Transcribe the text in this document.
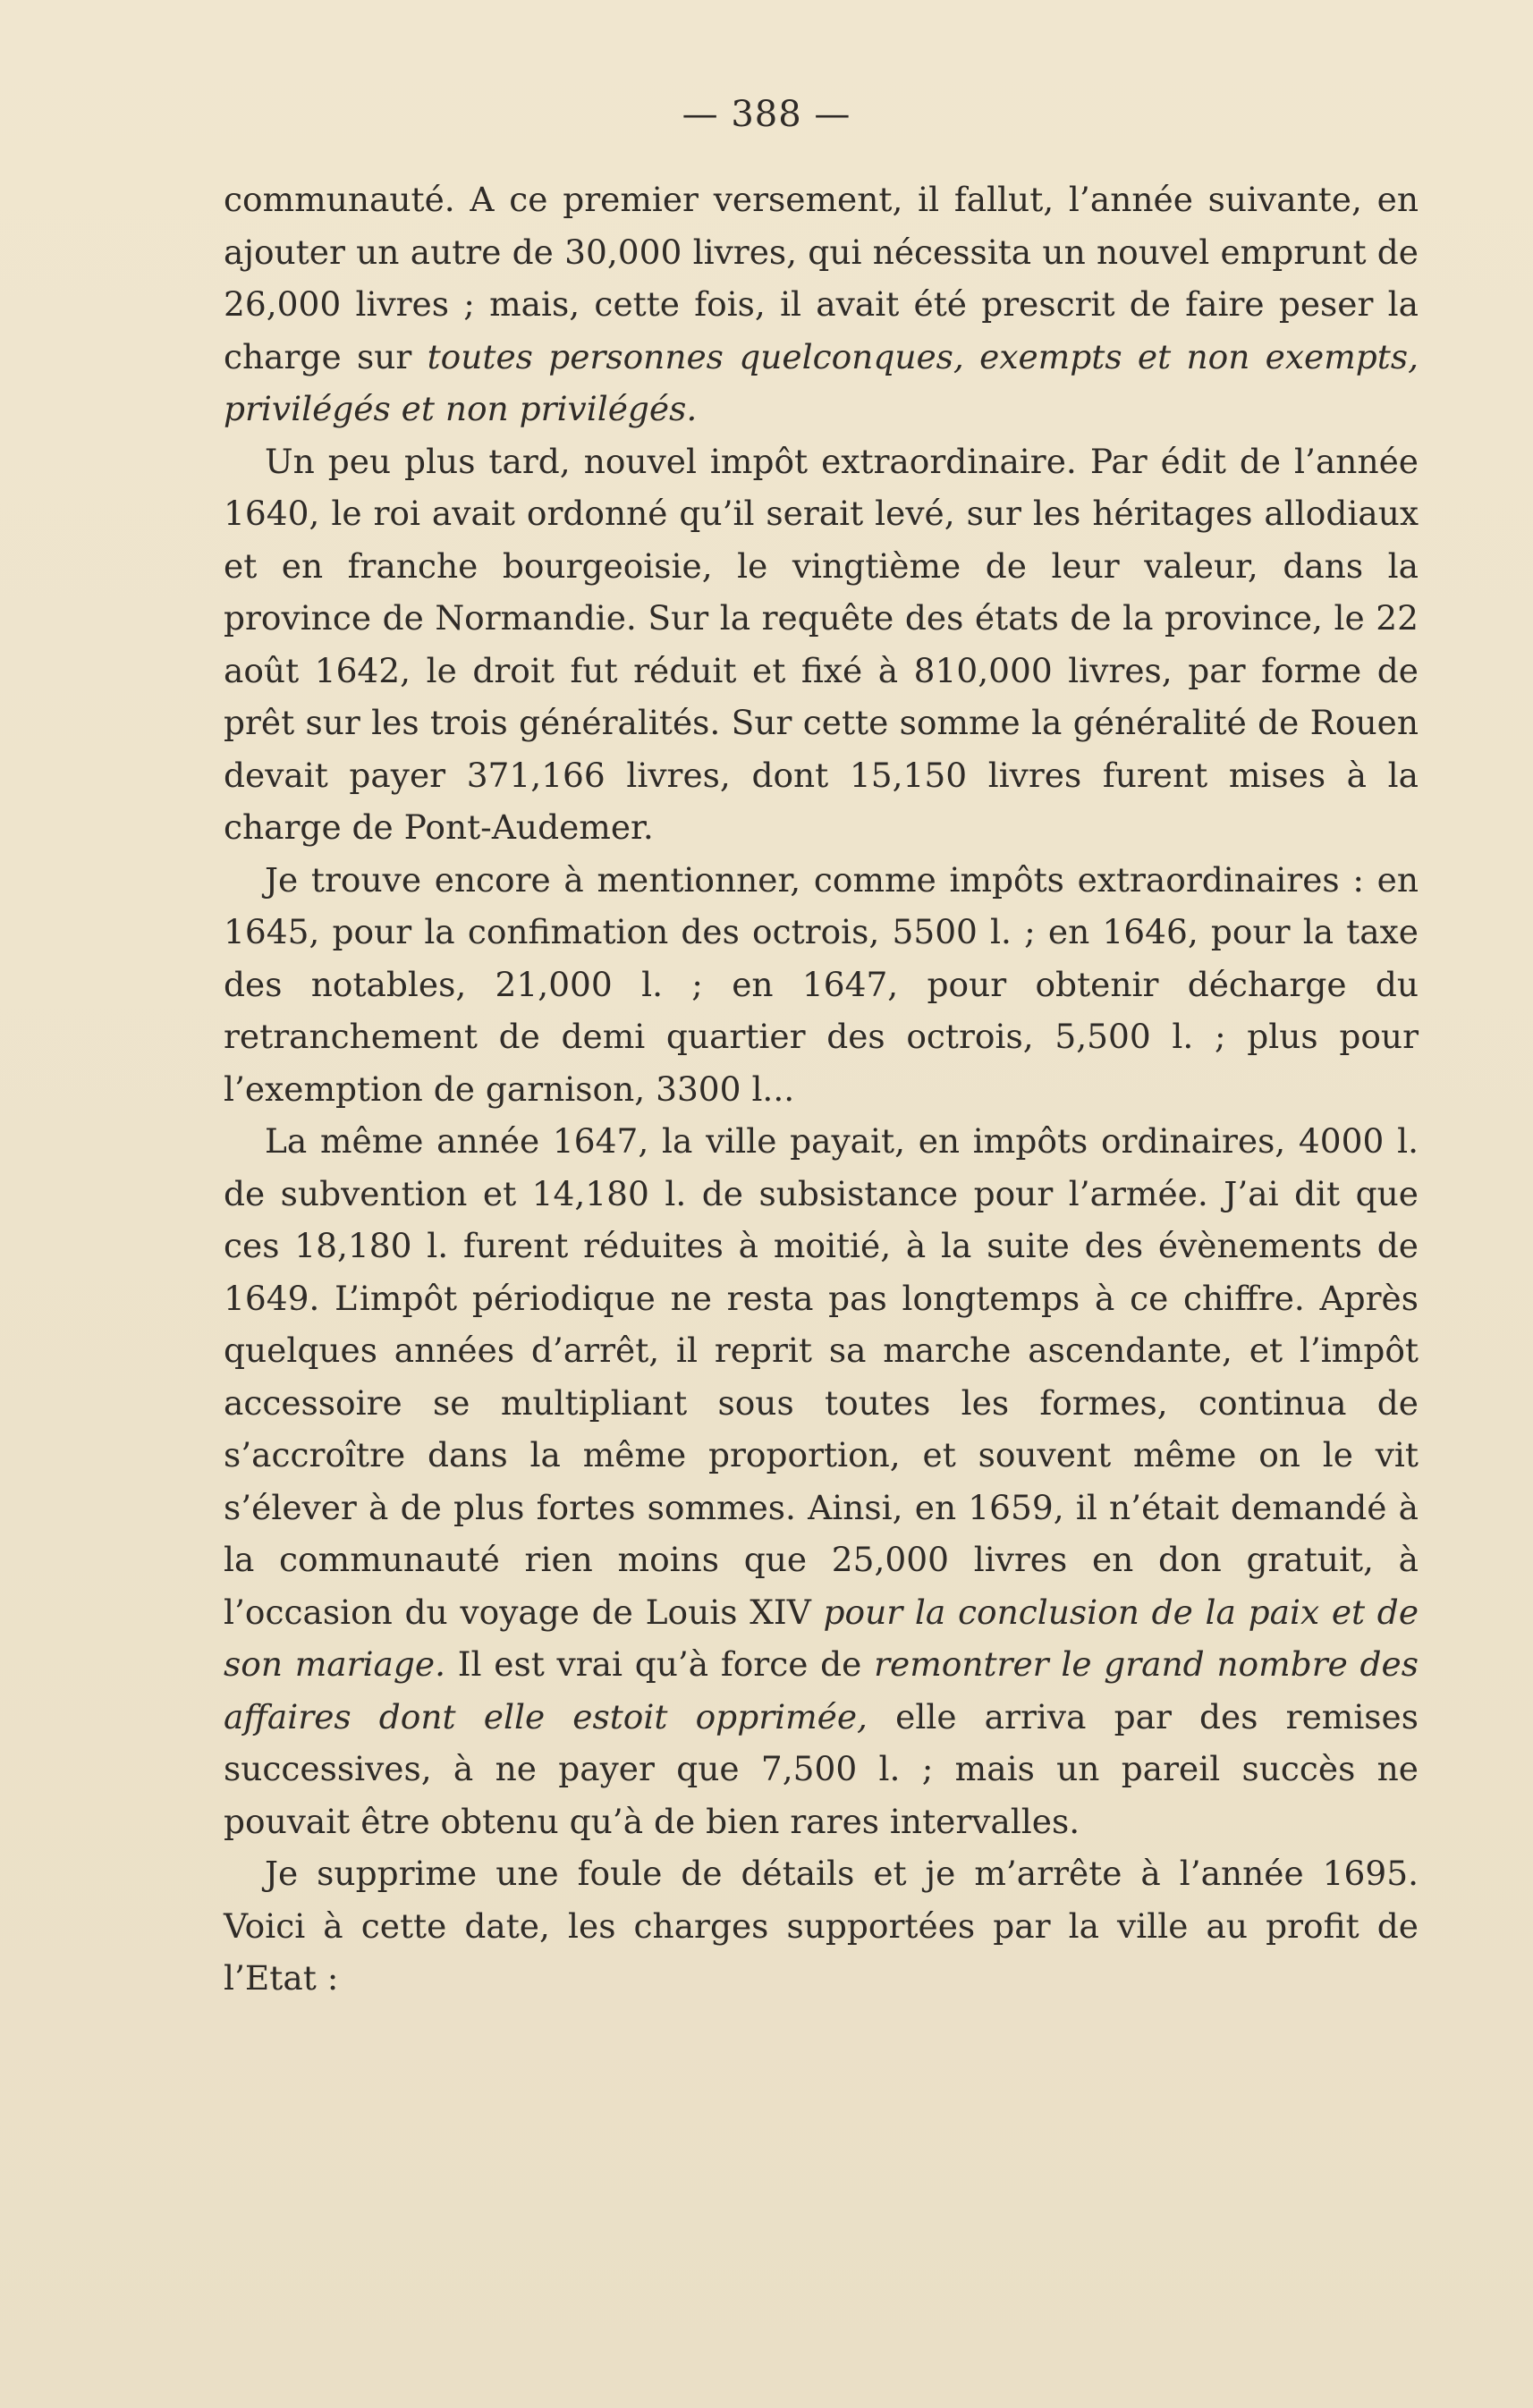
— 388 —

communauté. A ce premier versement, il fallut, l’année suivante, en ajouter un autre de 30,000 livres, qui nécessita un nouvel emprunt de 26,000 livres ; mais, cette fois, il avait été prescrit de faire peser la charge sur toutes personnes quelconques, exempts et non exempts, privilégés et non privilégés.

Un peu plus tard, nouvel impôt extraordinaire. Par édit de l’année 1640, le roi avait ordonné qu’il serait levé, sur les héritages allodiaux et en franche bourgeoisie, le vingtième de leur valeur, dans la province de Normandie. Sur la requête des états de la province, le 22 août 1642, le droit fut réduit et fixé à 810,000 livres, par forme de prêt sur les trois généralités. Sur cette somme la généralité de Rouen devait payer 371,166 livres, dont 15,150 livres furent mises à la charge de Pont-Audemer.

Je trouve encore à mentionner, comme impôts extraordinaires : en 1645, pour la confimation des octrois, 5500 l. ; en 1646, pour la taxe des notables, 21,000 l. ; en 1647, pour obtenir décharge du retranchement de demi quartier des octrois, 5,500 l. ; plus pour l’exemption de garnison, 3300 l...

La même année 1647, la ville payait, en impôts ordinaires, 4000 l. de subvention et 14,180 l. de subsistance pour l’armée. J’ai dit que ces 18,180 l. furent réduites à moitié, à la suite des évènements de 1649. L’impôt périodique ne resta pas longtemps à ce chiffre. Après quelques années d’arrêt, il reprit sa marche ascendante, et l’impôt accessoire se multipliant sous toutes les formes, continua de s’accroître dans la même proportion, et souvent même on le vit s’élever à de plus fortes sommes. Ainsi, en 1659, il n’était demandé à la communauté rien moins que 25,000 livres en don gratuit, à l’occasion du voyage de Louis XIV pour la conclusion de la paix et de son mariage. Il est vrai qu’à force de remontrer le grand nombre des affaires dont elle estoit opprimée, elle arriva par des remises successives, à ne payer que 7,500 l. ; mais un pareil succès ne pouvait être obtenu qu’à de bien rares intervalles.

Je supprime une foule de détails et je m’arrête à l’année 1695. Voici à cette date, les charges supportées par la ville au profit de l’Etat :
